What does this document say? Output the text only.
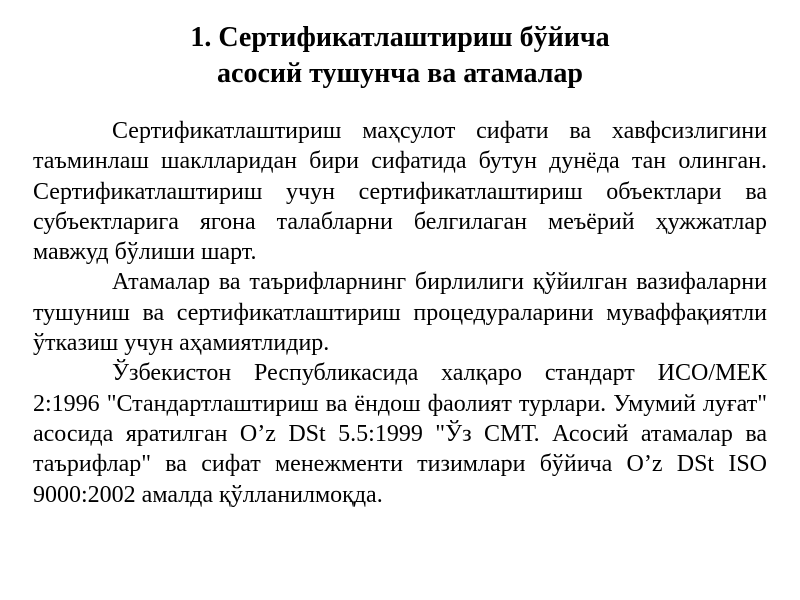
1. Сертификатлаштириш бўйича
асосий тушунча ва атамалар

Сертификатлаштириш маҳсулот сифати ва хавфсизлигини таъминлаш шаклларидан бири сифатида бутун дунёда тан олинган. Сертификатлаштириш учун сертификатлаштириш объектлари ва субъектларига ягона талабларни белгилаган меъёрий ҳужжатлар мавжуд бўлиши шарт.

Атамалар ва таърифларнинг бирлилиги қўйилган вазифаларни тушуниш ва сертификатлаштириш процедураларини муваффақиятли ўтказиш учун аҳамиятлидир.

Ўзбекистон Республикасида халқаро стандарт ИСО/МЕК 2:1996 "Стандартлаштириш ва ёндош фаолият турлари. Умумий луғат" асосида яратилган O’z DSt 5.5:1999 "Ўз СМТ. Асосий атамалар ва таърифлар" ва сифат менежменти тизимлари бўйича O’z DSt ISO 9000:2002 амалда қўлланилмоқда.
